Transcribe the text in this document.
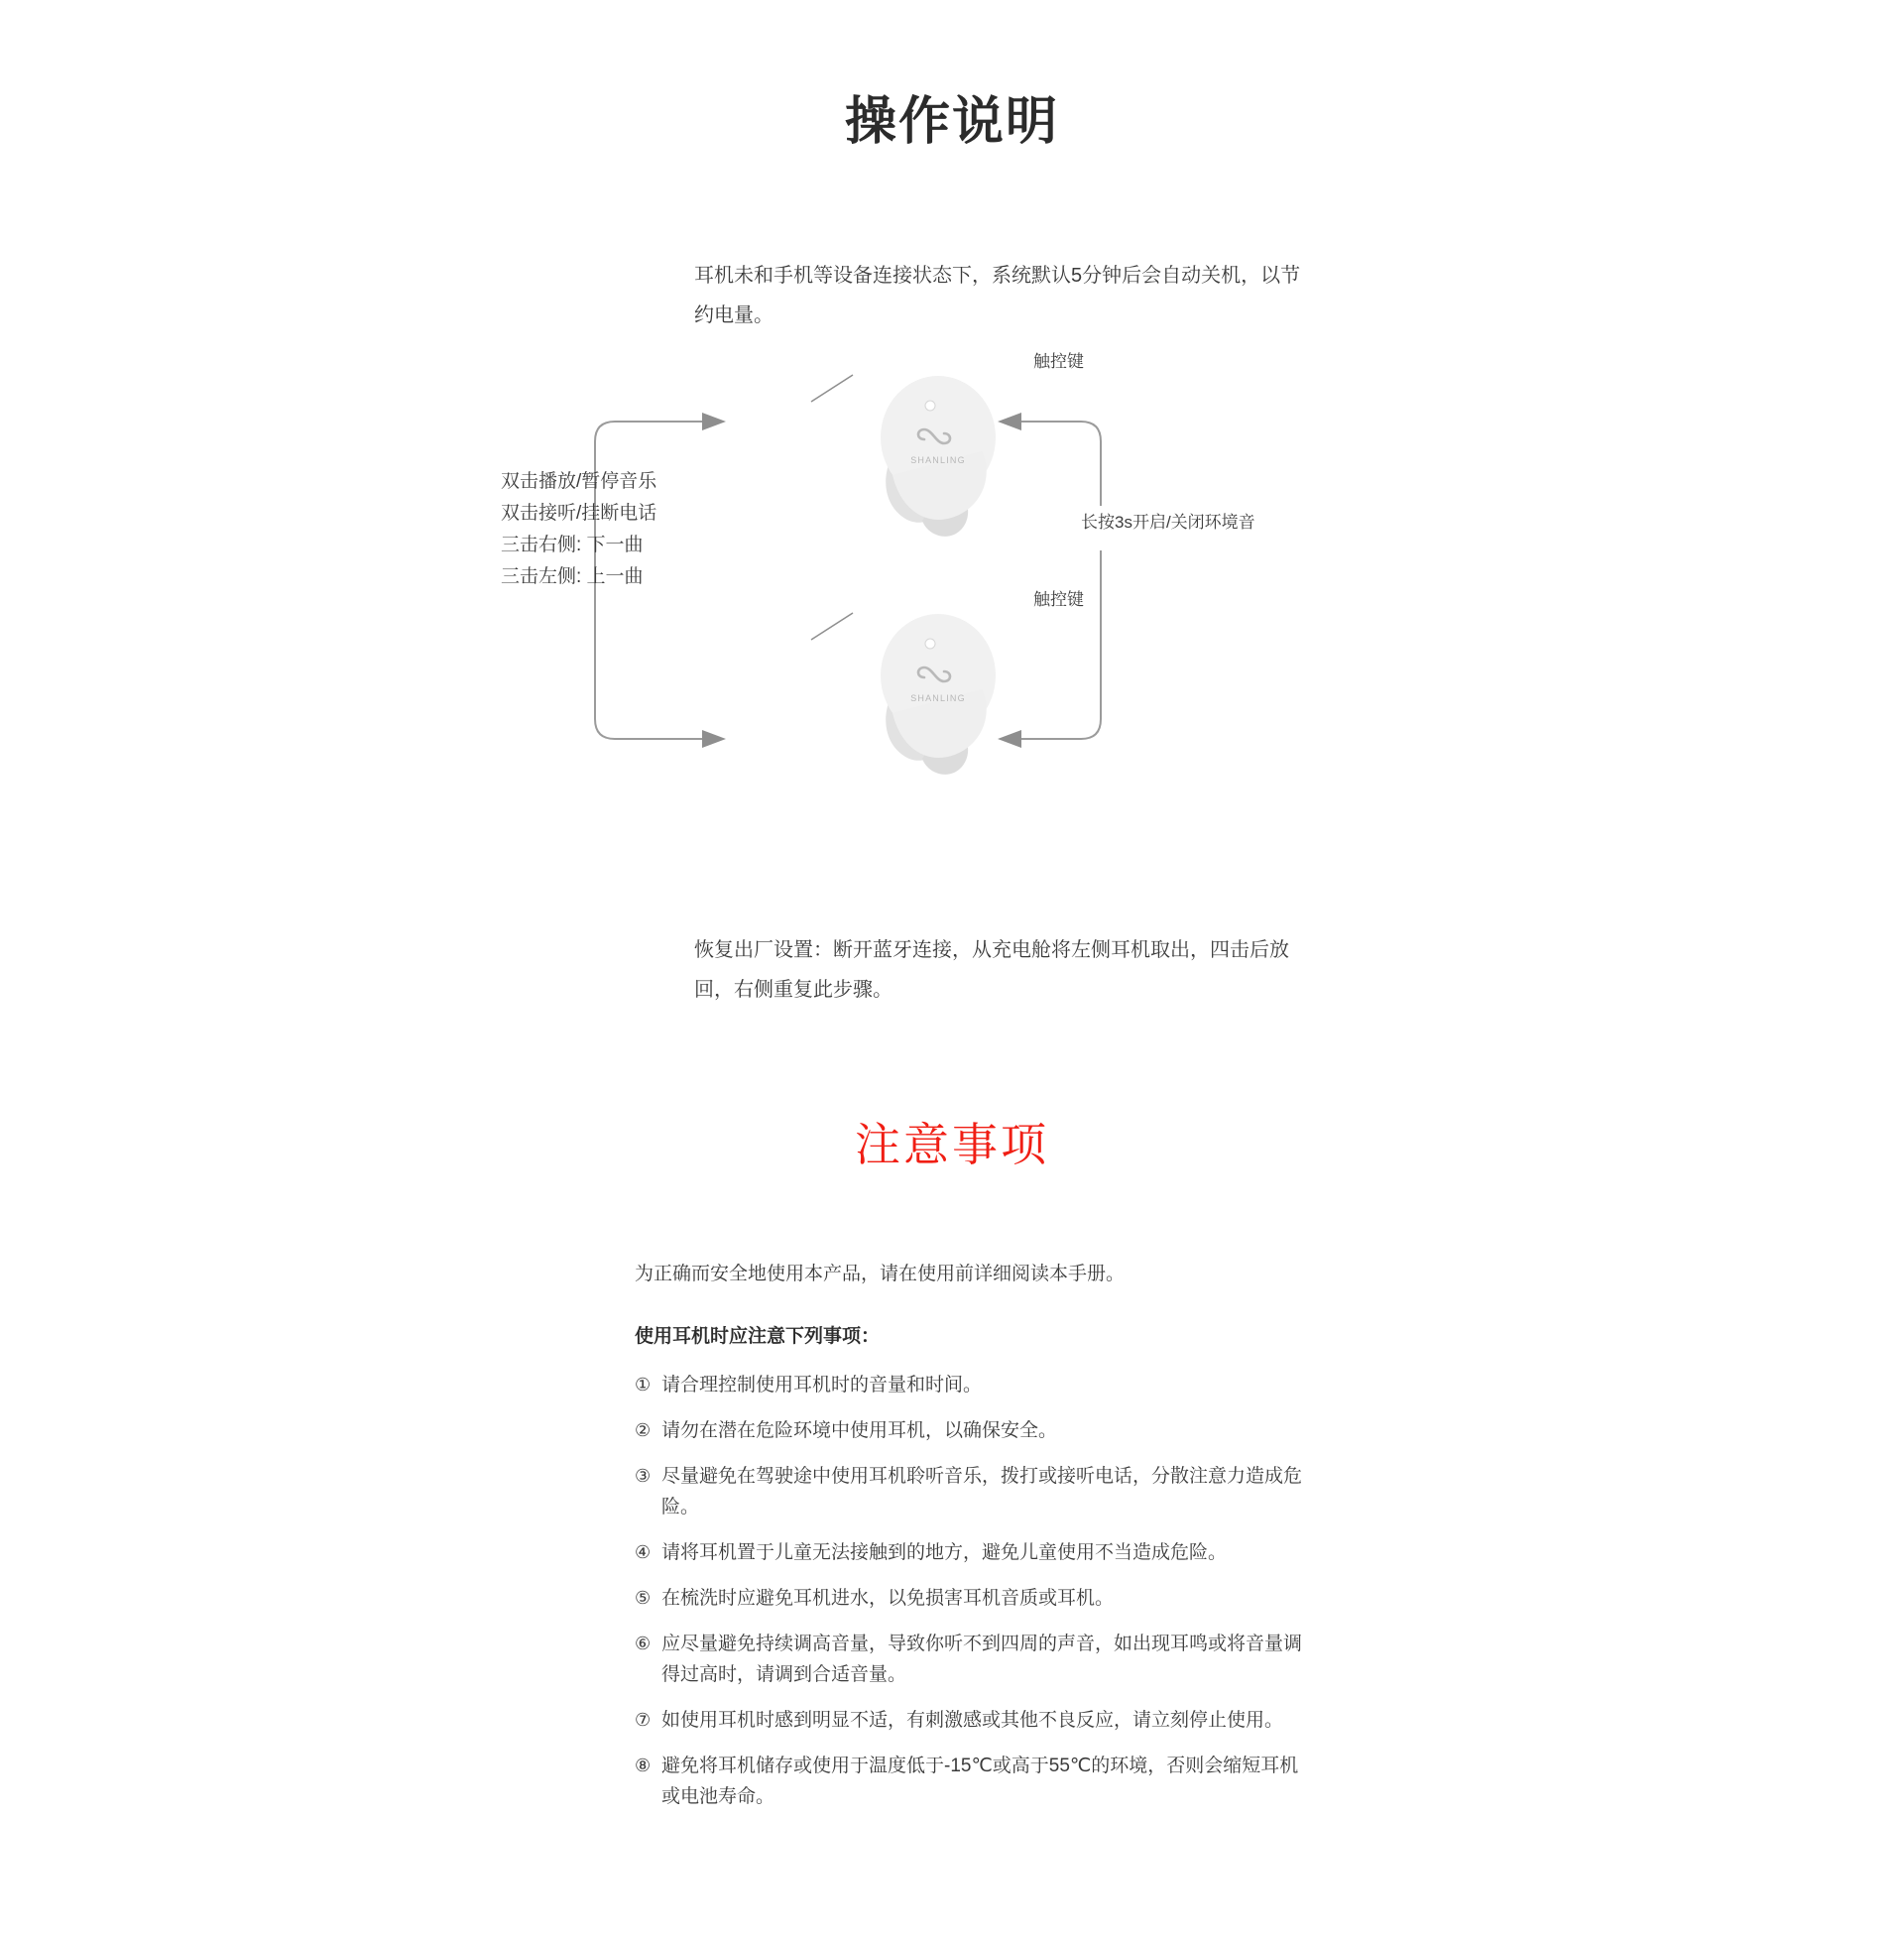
操作说明
耳机未和手机等设备连接状态下，系统默认5分钟后会自动关机，以节约电量。
SHANLING
SHANLING
触控键
触控键
长按3s开启/关闭环境音
双击播放/暂停音乐
双击接听/挂断电话
三击右侧: 下一曲
三击左侧: 上一曲
恢复出厂设置：断开蓝牙连接，从充电舱将左侧耳机取出，四击后放回，右侧重复此步骤。
注意事项
为正确而安全地使用本产品，请在使用前详细阅读本手册。
使用耳机时应注意下列事项：
① 请合理控制使用耳机时的音量和时间。
② 请勿在潜在危险环境中使用耳机，以确保安全。
③ 尽量避免在驾驶途中使用耳机聆听音乐，拨打或接听电话，分散注意力造成危险。
④ 请将耳机置于儿童无法接触到的地方，避免儿童使用不当造成危险。
⑤ 在梳洗时应避免耳机进水，以免损害耳机音质或耳机。
⑥ 应尽量避免持续调高音量，导致你听不到四周的声音，如出现耳鸣或将音量调得过高时，请调到合适音量。
⑦ 如使用耳机时感到明显不适，有刺激感或其他不良反应，请立刻停止使用。
⑧ 避免将耳机储存或使用于温度低于-15℃或高于55℃的环境，否则会缩短耳机或电池寿命。
